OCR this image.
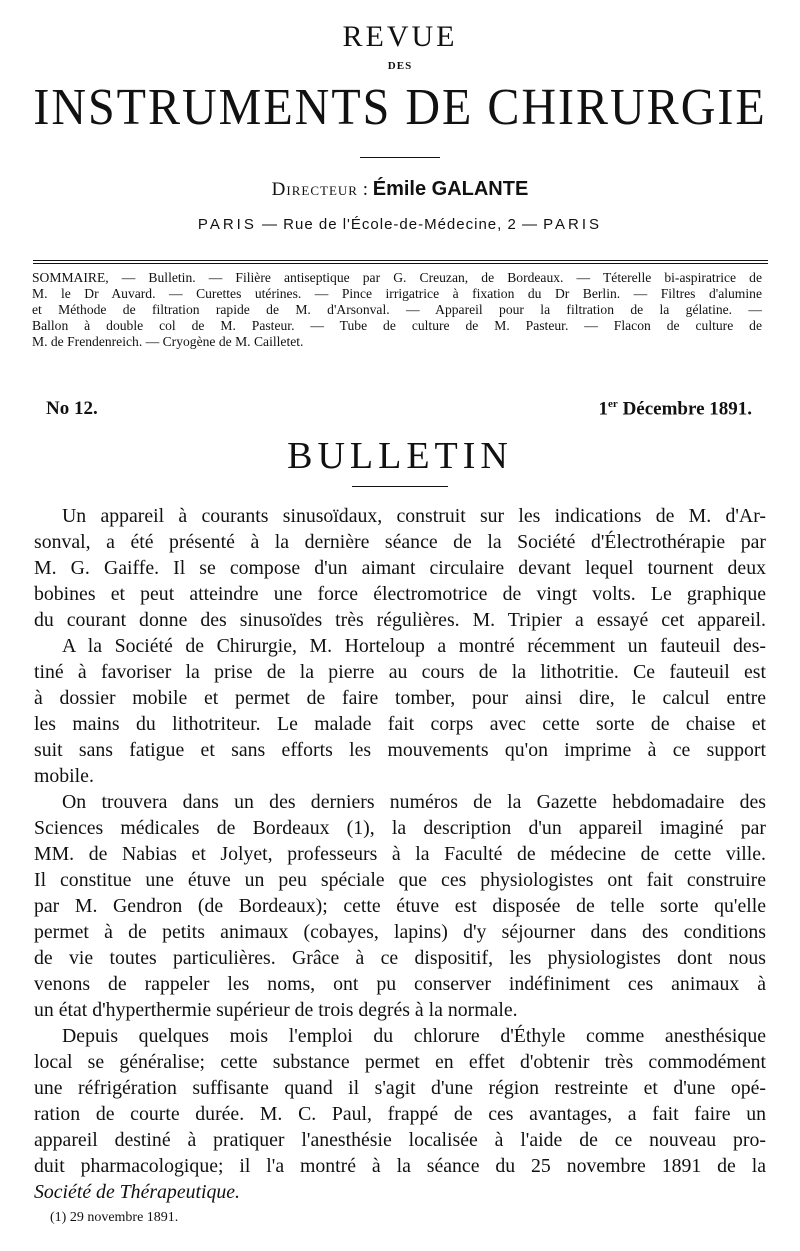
REVUE
DES
INSTRUMENTS DE CHIRURGIE
Directeur : Émile GALANTE
PARIS — Rue de l'École-de-Médecine, 2 — PARIS
SOMMAIRE, — Bulletin. — Filière antiseptique par G. Creuzan, de Bordeaux. — Téterelle bi-aspiratrice de
M. le Dr Auvard. — Curettes utérines. — Pince irrigatrice à fixation du Dr Berlin. — Filtres d'alumine
et Méthode de filtration rapide de M. d'Arsonval. — Appareil pour la filtration de la gélatine. —
Ballon à double col de M. Pasteur. — Tube de culture de M. Pasteur. — Flacon de culture de
M. de Frendenreich. — Cryogène de M. Cailletet.
No 12.	1er Décembre 1891.
BULLETIN
Un appareil à courants sinusoïdaux, construit sur les indications de M. d'Ar-
sonval, a été présenté à la dernière séance de la Société d'Électrothérapie par
M. G. Gaiffe. Il se compose d'un aimant circulaire devant lequel tournent deux
bobines et peut atteindre une force électromotrice de vingt volts. Le graphique
du courant donne des sinusoïdes très régulières. M. Tripier a essayé cet appareil.
A la Société de Chirurgie, M. Horteloup a montré récemment un fauteuil des-
tiné à favoriser la prise de la pierre au cours de la lithotritie. Ce fauteuil est
à dossier mobile et permet de faire tomber, pour ainsi dire, le calcul entre
les mains du lithotriteur. Le malade fait corps avec cette sorte de chaise et
suit sans fatigue et sans efforts les mouvements qu'on imprime à ce support
mobile.
On trouvera dans un des derniers numéros de la Gazette hebdomadaire des
Sciences médicales de Bordeaux (1), la description d'un appareil imaginé par
MM. de Nabias et Jolyet, professeurs à la Faculté de médecine de cette ville.
Il constitue une étuve un peu spéciale que ces physiologistes ont fait construire
par M. Gendron (de Bordeaux); cette étuve est disposée de telle sorte qu'elle
permet à de petits animaux (cobayes, lapins) d'y séjourner dans des conditions
de vie toutes particulières. Grâce à ce dispositif, les physiologistes dont nous
venons de rappeler les noms, ont pu conserver indéfiniment ces animaux à
un état d'hyperthermie supérieur de trois degrés à la normale.
Depuis quelques mois l'emploi du chlorure d'Éthyle comme anesthésique
local se généralise; cette substance permet en effet d'obtenir très commodément
une réfrigération suffisante quand il s'agit d'une région restreinte et d'une opé-
ration de courte durée. M. C. Paul, frappé de ces avantages, a fait faire un
appareil destiné à pratiquer l'anesthésie localisée à l'aide de ce nouveau pro-
duit pharmacologique; il l'a montré à la séance du 25 novembre 1891 de la
Société de Thérapeutique.
(1) 29 novembre 1891.
